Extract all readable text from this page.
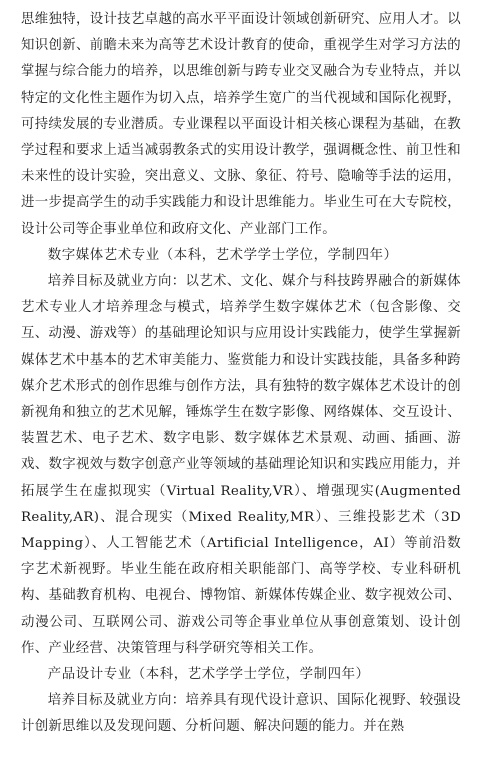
思维独特，设计技艺卓越的高水平平面设计领域创新研究、应用人才。以知识创新、前瞻未来为高等艺术设计教育的使命，重视学生对学习方法的掌握与综合能力的培养，以思维创新与跨专业交叉融合为专业特点，并以特定的文化性主题作为切入点，培养学生宽广的当代视域和国际化视野，可持续发展的专业潜质。专业课程以平面设计相关核心课程为基础，在教学过程和要求上适当减弱教条式的实用设计教学，强调概念性、前卫性和未来性的设计实验，突出意义、文脉、象征、符号、隐喻等手法的运用，进一步提高学生的动手实践能力和设计思维能力。毕业生可在大专院校，设计公司等企事业单位和政府文化、产业部门工作。

数字媒体艺术专业（本科，艺术学学士学位，学制四年）

培养目标及就业方向：以艺术、文化、媒介与科技跨界融合的新媒体艺术专业人才培养理念与模式，培养学生数字媒体艺术（包含影像、交互、动漫、游戏等）的基础理论知识与应用设计实践能力，使学生掌握新媒体艺术中基本的艺术审美能力、鉴赏能力和设计实践技能，具备多种跨媒介艺术形式的创作思维与创作方法，具有独特的数字媒体艺术设计的创新视角和独立的艺术见解，锤炼学生在数字影像、网络媒体、交互设计、装置艺术、电子艺术、数字电影、数字媒体艺术景观、动画、插画、游戏、数字视效与数字创意产业等领域的基础理论知识和实践应用能力，并拓展学生在虚拟现实（Virtual Reality,VR）、增强现实(Augmented Reality,AR)、混合现实（Mixed Reality,MR）、三维投影艺术（3D Mapping）、人工智能艺术（Artificial Intelligence，AI）等前沿数字艺术新视野。毕业生能在政府相关职能部门、高等学校、专业科研机构、基础教育机构、电视台、博物馆、新媒体传媒企业、数字视效公司、动漫公司、互联网公司、游戏公司等企事业单位从事创意策划、设计创作、产业经营、决策管理与科学研究等相关工作。

产品设计专业（本科，艺术学学士学位，学制四年）

培养目标及就业方向：培养具有现代设计意识、国际化视野、较强设计创新思维以及发现问题、分析问题、解决问题的能力。并在熟
